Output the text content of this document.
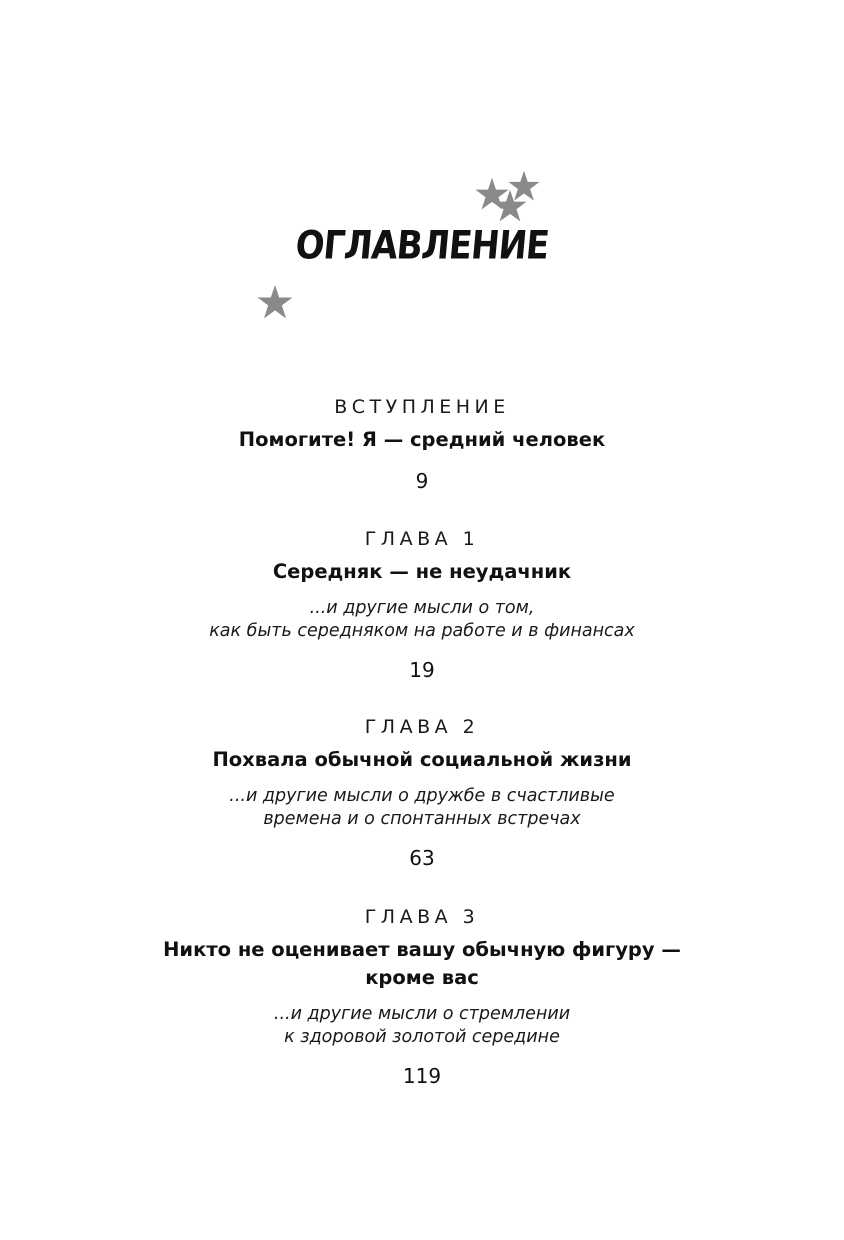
ОГЛАВЛЕНИЕ
ВСТУПЛЕНИЕ
Помогите! Я — средний человек
9
ГЛАВА 1
Середняк — не неудачник
...и другие мысли о том,
как быть середняком на работе и в финансах
19
ГЛАВА 2
Похвала обычной социальной жизни
...и другие мысли о дружбе в счастливые
времена и о спонтанных встречах
63
ГЛАВА 3
Никто не оценивает вашу обычную фигуру —
кроме вас
...и другие мысли о стремлении
к здоровой золотой середине
119
